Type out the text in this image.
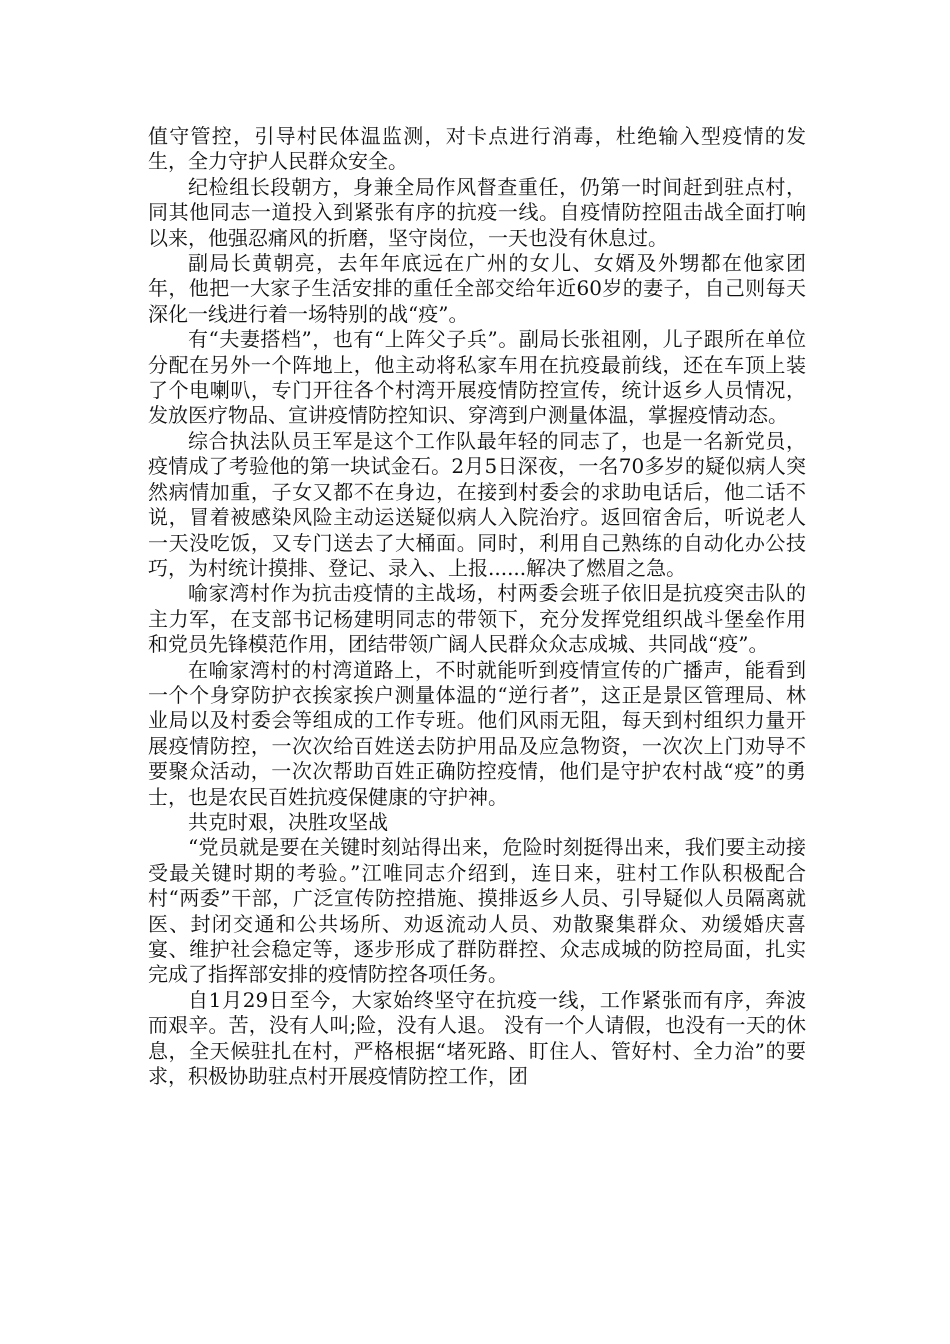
值守管控，引导村民体温监测，对卡点进行消毒，杜绝输入型疫情的发生，全力守护人民群众安全。

纪检组长段朝方，身兼全局作风督查重任，仍第一时间赶到驻点村，同其他同志一道投入到紧张有序的抗疫一线。自疫情防控阻击战全面打响以来，他强忍痛风的折磨，坚守岗位，一天也没有休息过。

副局长黄朝亮，去年年底远在广州的女儿、女婿及外甥都在他家团年，他把一大家子生活安排的重任全部交给年近60岁的妻子，自己则每天深化一线进行着一场特别的战“疫”。

有“夫妻搭档”，也有“上阵父子兵”。副局长张祖刚，儿子跟所在单位分配在另外一个阵地上，他主动将私家车用在抗疫最前线，还在车顶上装了个电喇叭，专门开往各个村湾开展疫情防控宣传，统计返乡人员情况，发放医疗物品、宣讲疫情防控知识、穿湾到户测量体温，掌握疫情动态。

综合执法队员王军是这个工作队最年轻的同志了，也是一名新党员，疫情成了考验他的第一块试金石。2月5日深夜，一名70多岁的疑似病人突然病情加重，子女又都不在身边，在接到村委会的求助电话后，他二话不说，冒着被感染风险主动运送疑似病人入院治疗。返回宿舍后，听说老人一天没吃饭，又专门送去了大桶面。同时，利用自己熟练的自动化办公技巧，为村统计摸排、登记、录入、上报......解决了燃眉之急。

喻家湾村作为抗击疫情的主战场，村两委会班子依旧是抗疫突击队的主力军，在支部书记杨建明同志的带领下，充分发挥党组织战斗堡垒作用和党员先锋模范作用，团结带领广阔人民群众众志成城、共同战“疫”。

在喻家湾村的村湾道路上，不时就能听到疫情宣传的广播声，能看到一个个身穿防护衣挨家挨户测量体温的“逆行者”，这正是景区管理局、林业局以及村委会等组成的工作专班。他们风雨无阻，每天到村组织力量开展疫情防控，一次次给百姓送去防护用品及应急物资，一次次上门劝导不要聚众活动，一次次帮助百姓正确防控疫情，他们是守护农村战“疫”的勇士，也是农民百姓抗疫保健康的守护神。

共克时艰，决胜攻坚战

“党员就是要在关键时刻站得出来，危险时刻挺得出来，我们要主动接受最关键时期的考验。”江唯同志介绍到，连日来，驻村工作队积极配合村“两委”干部，广泛宣传防控措施、摸排返乡人员、引导疑似人员隔离就医、封闭交通和公共场所、劝返流动人员、劝散聚集群众、劝缓婚庆喜宴、维护社会稳定等，逐步形成了群防群控、众志成城的防控局面，扎实完成了指挥部安排的疫情防控各项任务。

自1月29日至今，大家始终坚守在抗疫一线，工作紧张而有序，奔波而艰辛。苦，没有人叫;险，没有人退。 没有一个人请假，也没有一天的休息，全天候驻扎在村，严格根据“堵死路、盯住人、管好村、全力治”的要求，积极协助驻点村开展疫情防控工作，团
